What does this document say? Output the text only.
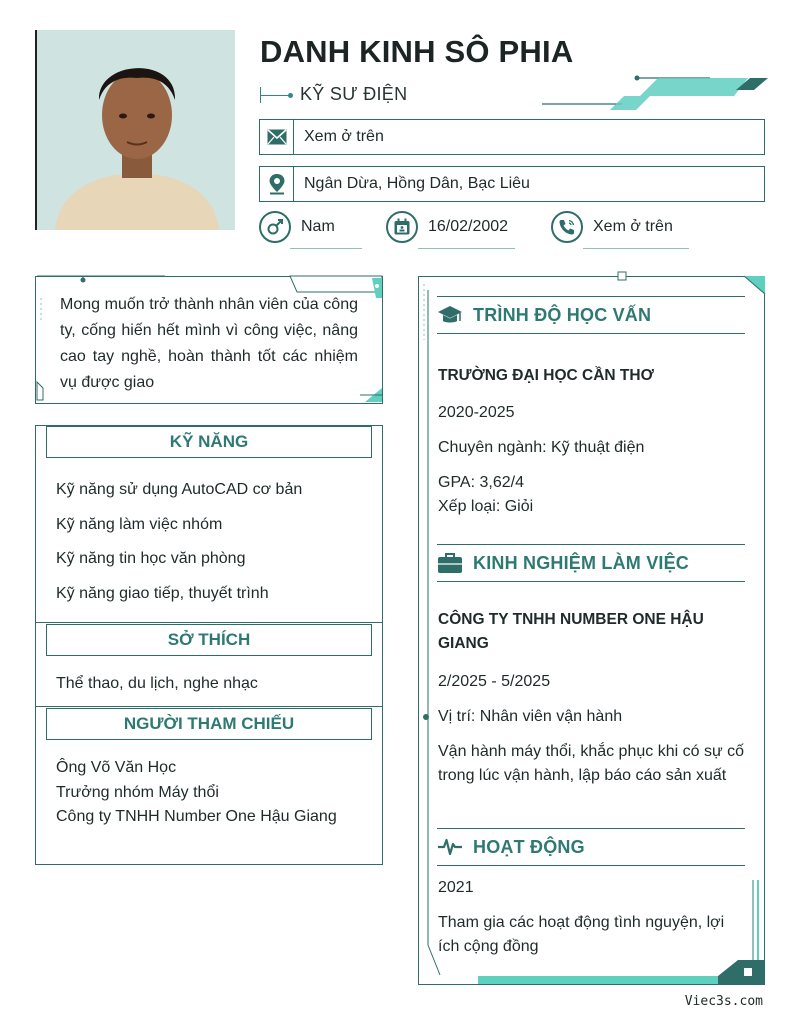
DANH KINH SÔ PHIA
KỸ SƯ ĐIỆN
Xem ở trên
Ngân Dừa, Hồng Dân, Bạc Liêu
Nam	16/02/2002	Xem ở trên
Mong muốn trở thành nhân viên của công ty, cống hiến hết mình vì công việc, nâng cao tay nghề, hoàn thành tốt các nhiệm vụ được giao
KỸ NĂNG
Kỹ năng sử dụng AutoCAD cơ bản
Kỹ năng làm việc nhóm
Kỹ năng tin học văn phòng
Kỹ năng giao tiếp, thuyết trình
SỞ THÍCH
Thể thao, du lịch, nghe nhạc
NGƯỜI THAM CHIẾU
Ông Võ Văn Học
Trưởng nhóm Máy thổi
Công ty TNHH Number One Hậu Giang
TRÌNH ĐỘ HỌC VẤN
TRƯỜNG ĐẠI HỌC CẦN THƠ
2020-2025
Chuyên ngành: Kỹ thuật điện
GPA: 3,62/4
Xếp loại: Giỏi
KINH NGHIỆM LÀM VIỆC
CÔNG TY TNHH NUMBER ONE HẬU GIANG
2/2025 - 5/2025
Vị trí: Nhân viên vận hành
Vận hành máy thổi, khắc phục khi có sự cố trong lúc vận hành, lập báo cáo sản xuất
HOẠT ĐỘNG
2021
Tham gia các hoạt động tình nguyện, lợi ích cộng đồng
Viec3s.com
